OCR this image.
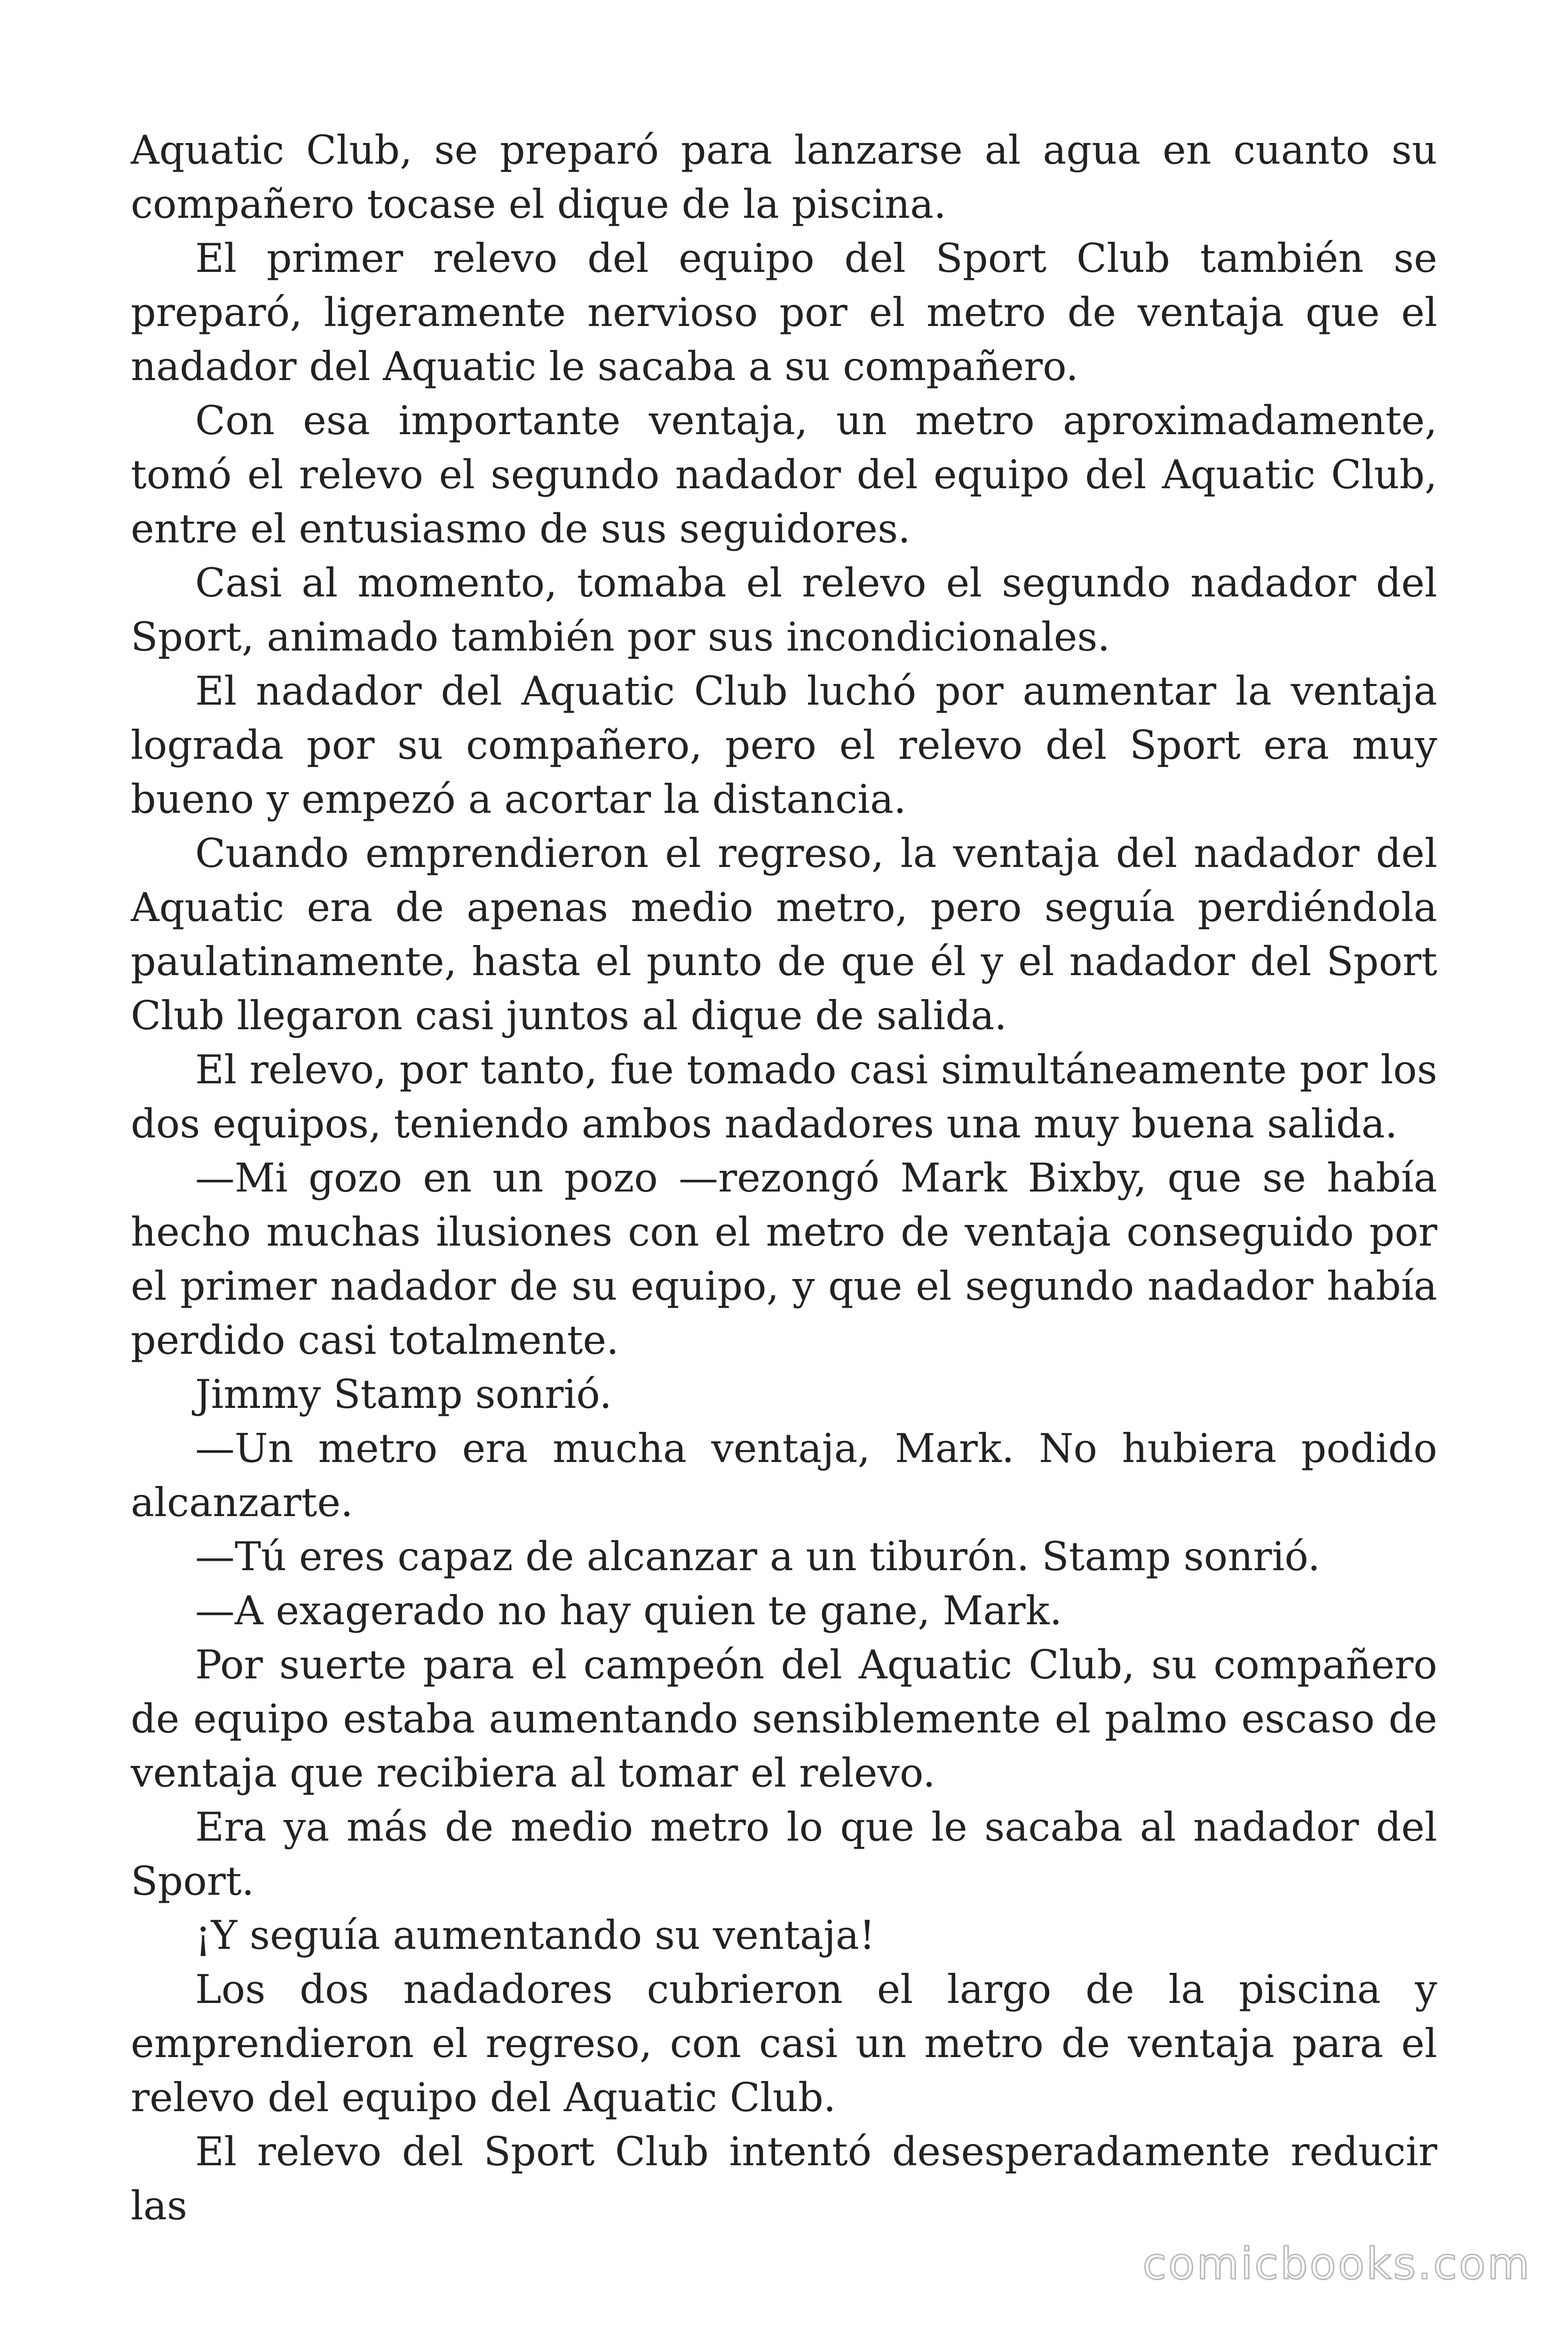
Aquatic Club, se preparó para lanzarse al agua en cuanto su compañero tocase el dique de la piscina.

El primer relevo del equipo del Sport Club también se preparó, ligeramente nervioso por el metro de ventaja que el nadador del Aquatic le sacaba a su compañero.

Con esa importante ventaja, un metro aproximadamente, tomó el relevo el segundo nadador del equipo del Aquatic Club, entre el entusiasmo de sus seguidores.

Casi al momento, tomaba el relevo el segundo nadador del Sport, animado también por sus incondicionales.

El nadador del Aquatic Club luchó por aumentar la ventaja lograda por su compañero, pero el relevo del Sport era muy bueno y empezó a acortar la distancia.

Cuando emprendieron el regreso, la ventaja del nadador del Aquatic era de apenas medio metro, pero seguía perdiéndola paulatinamente, hasta el punto de que él y el nadador del Sport Club llegaron casi juntos al dique de salida.

El relevo, por tanto, fue tomado casi simultáneamente por los dos equipos, teniendo ambos nadadores una muy buena salida.

—Mi gozo en un pozo —rezongó Mark Bixby, que se había hecho muchas ilusiones con el metro de ventaja conseguido por el primer nadador de su equipo, y que el segundo nadador había perdido casi totalmente.

Jimmy Stamp sonrió.

—Un metro era mucha ventaja, Mark. No hubiera podido alcanzarte.

—Tú eres capaz de alcanzar a un tiburón. Stamp sonrió.

—A exagerado no hay quien te gane, Mark.

Por suerte para el campeón del Aquatic Club, su compañero de equipo estaba aumentando sensiblemente el palmo escaso de ventaja que recibiera al tomar el relevo.

Era ya más de medio metro lo que le sacaba al nadador del Sport.

¡Y seguía aumentando su ventaja!

Los dos nadadores cubrieron el largo de la piscina y emprendieron el regreso, con casi un metro de ventaja para el relevo del equipo del Aquatic Club.

El relevo del Sport Club intentó desesperadamente reducir las

comicbooks.com
